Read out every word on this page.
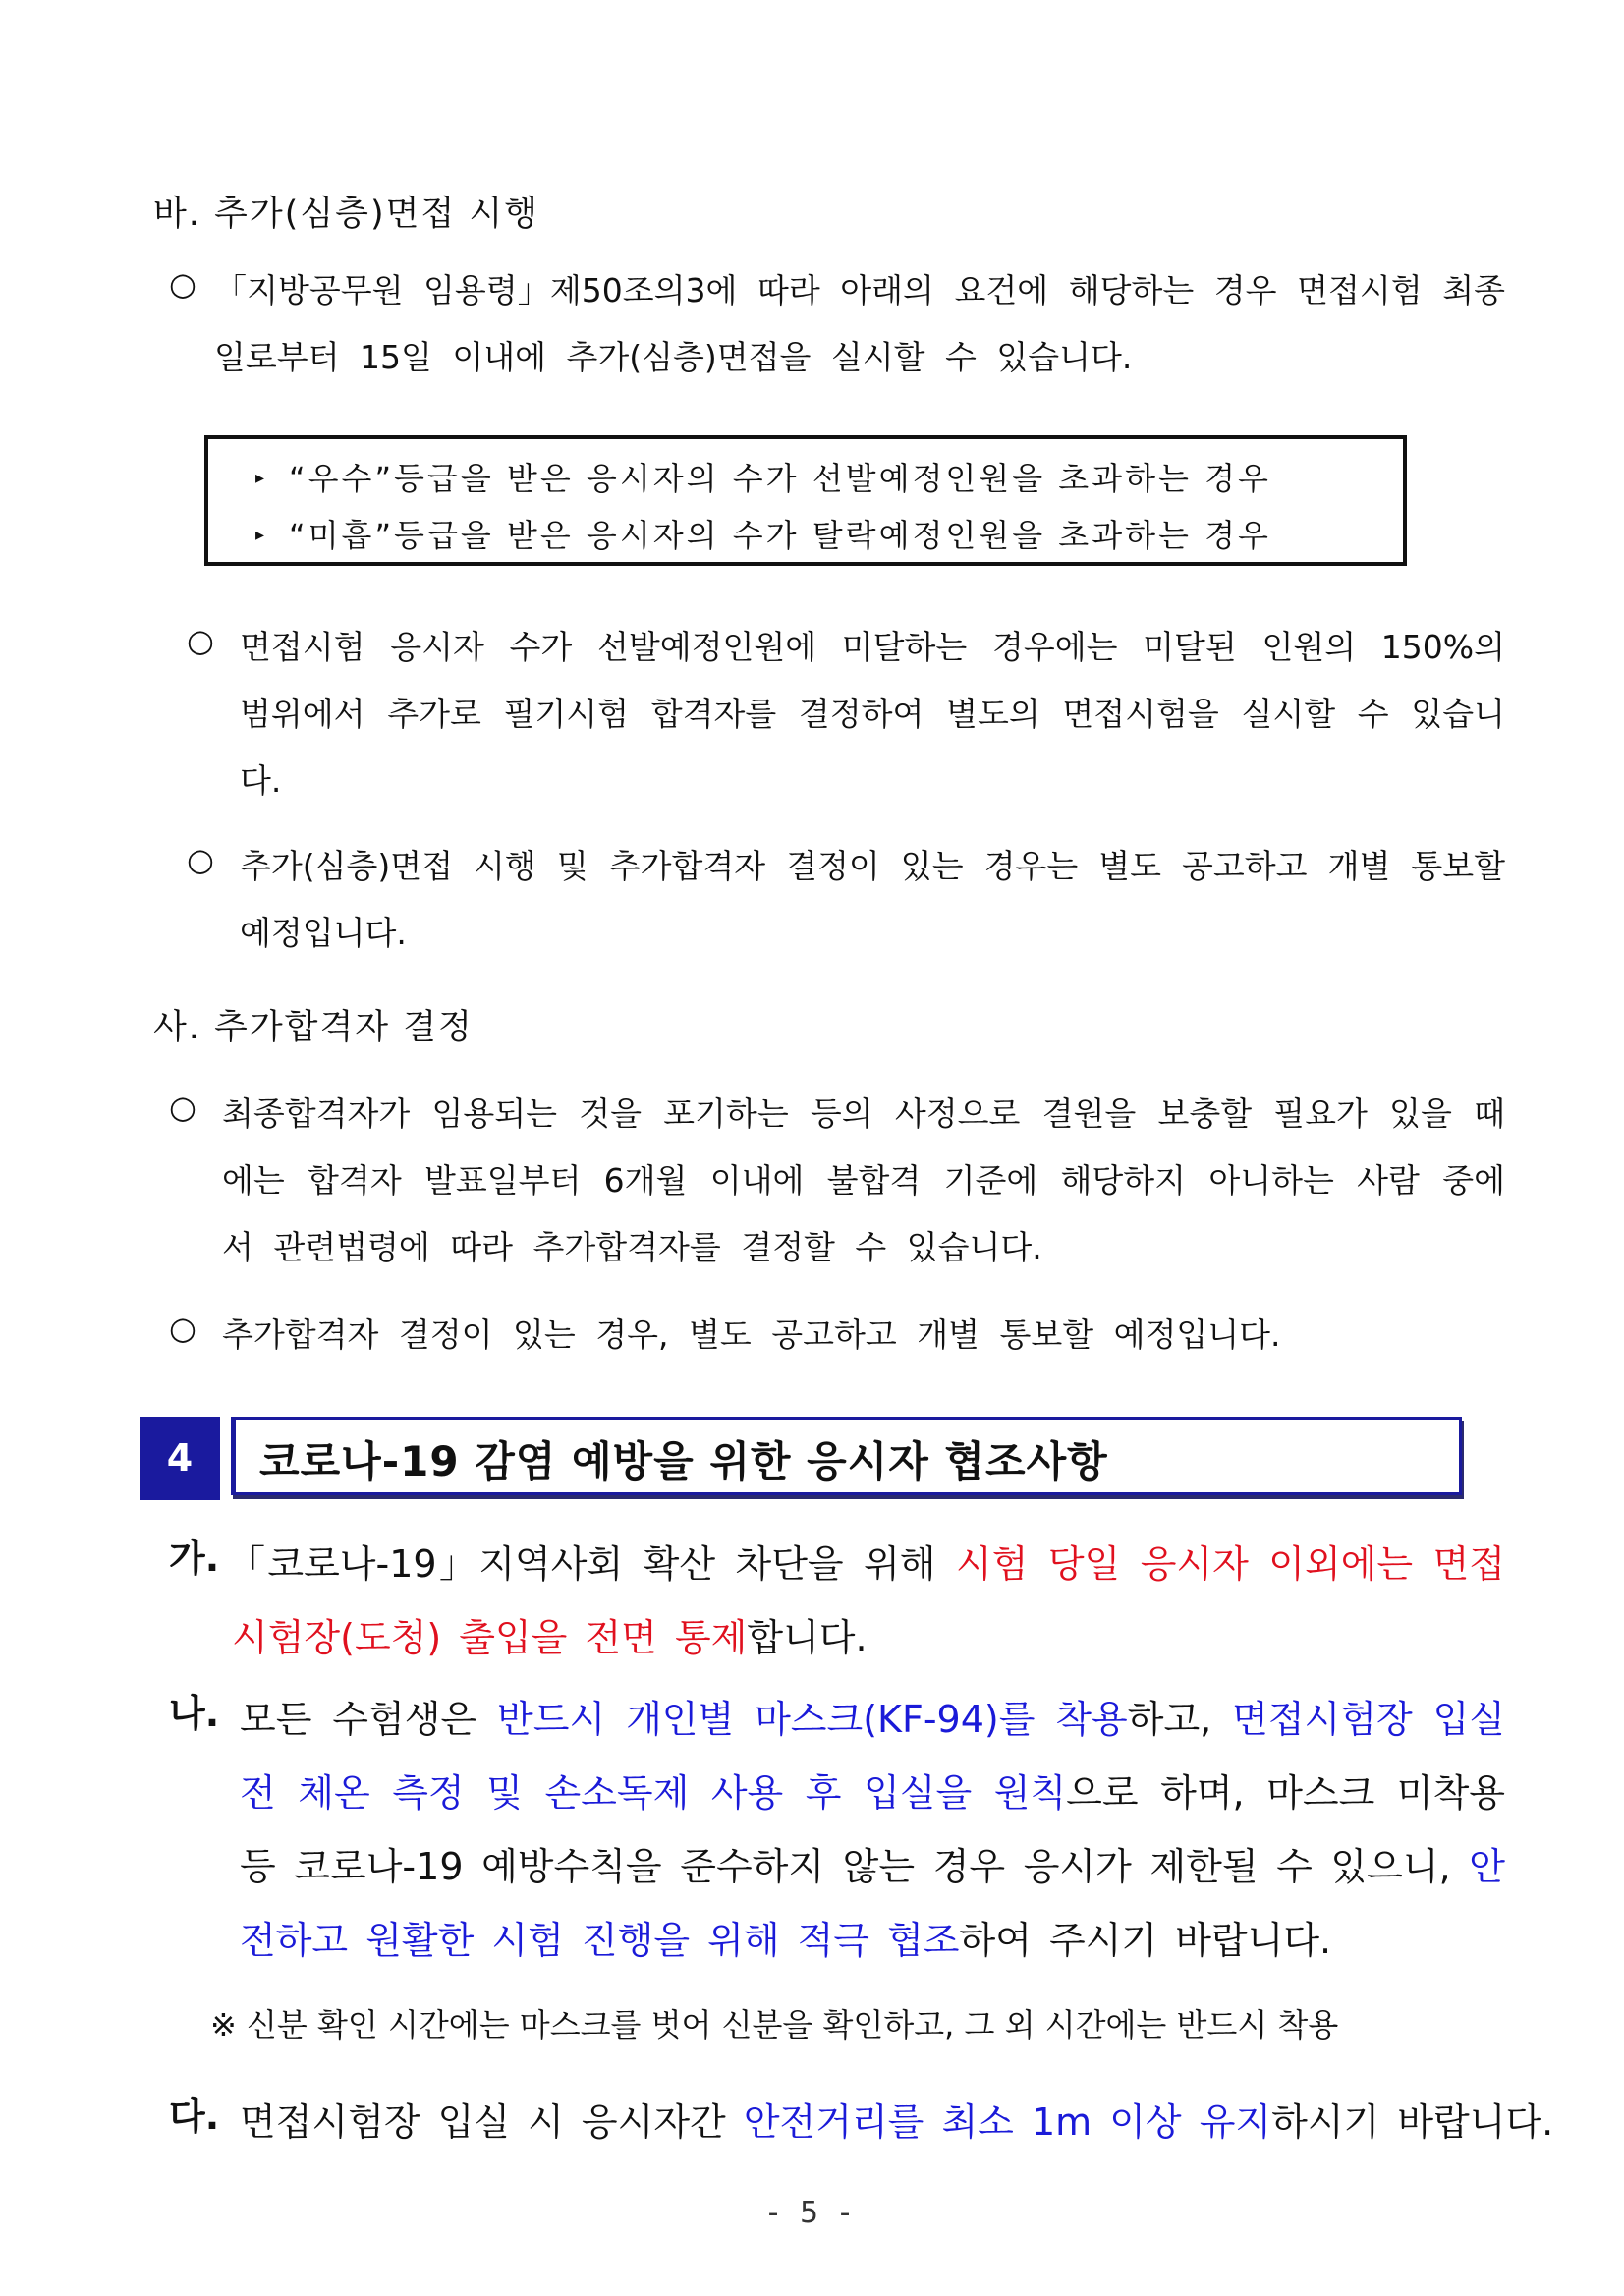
바. 추가(심층)면접 시행
○ 「지방공무원 임용령」제50조의3에 따라 아래의 요건에 해당하는 경우 면접시험 최종일로부터 15일 이내에 추가(심층)면접을 실시할 수 있습니다.
▸ “우수”등급을 받은 응시자의 수가 선발예정인원을 초과하는 경우
▸ “미흡”등급을 받은 응시자의 수가 탈락예정인원을 초과하는 경우
○ 면접시험 응시자 수가 선발예정인원에 미달하는 경우에는 미달된 인원의 150%의 범위에서 추가로 필기시험 합격자를 결정하여 별도의 면접시험을 실시할 수 있습니다.
○ 추가(심층)면접 시행 및 추가합격자 결정이 있는 경우는 별도 공고하고 개별 통보할 예정입니다.
사. 추가합격자 결정
○ 최종합격자가 임용되는 것을 포기하는 등의 사정으로 결원을 보충할 필요가 있을 때에는 합격자 발표일부터 6개월 이내에 불합격 기준에 해당하지 아니하는 사람 중에서 관련법령에 따라 추가합격자를 결정할 수 있습니다.
○ 추가합격자 결정이 있는 경우, 별도 공고하고 개별 통보할 예정입니다.
4	코로나-19 감염 예방을 위한 응시자 협조사항
가. 「코로나-19」지역사회 확산 차단을 위해 시험 당일 응시자 이외에는 면접시험장(도청) 출입을 전면 통제합니다.
나. 모든 수험생은 반드시 개인별 마스크(KF-94)를 착용하고, 면접시험장 입실 전 체온 측정 및 손소독제 사용 후 입실을 원칙으로 하며, 마스크 미착용 등 코로나-19 예방수칙을 준수하지 않는 경우 응시가 제한될 수 있으니, 안전하고 원활한 시험 진행을 위해 적극 협조하여 주시기 바랍니다.
※ 신분 확인 시간에는 마스크를 벗어 신분을 확인하고, 그 외 시간에는 반드시 착용
다. 면접시험장 입실 시 응시자간 안전거리를 최소 1m 이상 유지하시기 바랍니다.
- 5 -
